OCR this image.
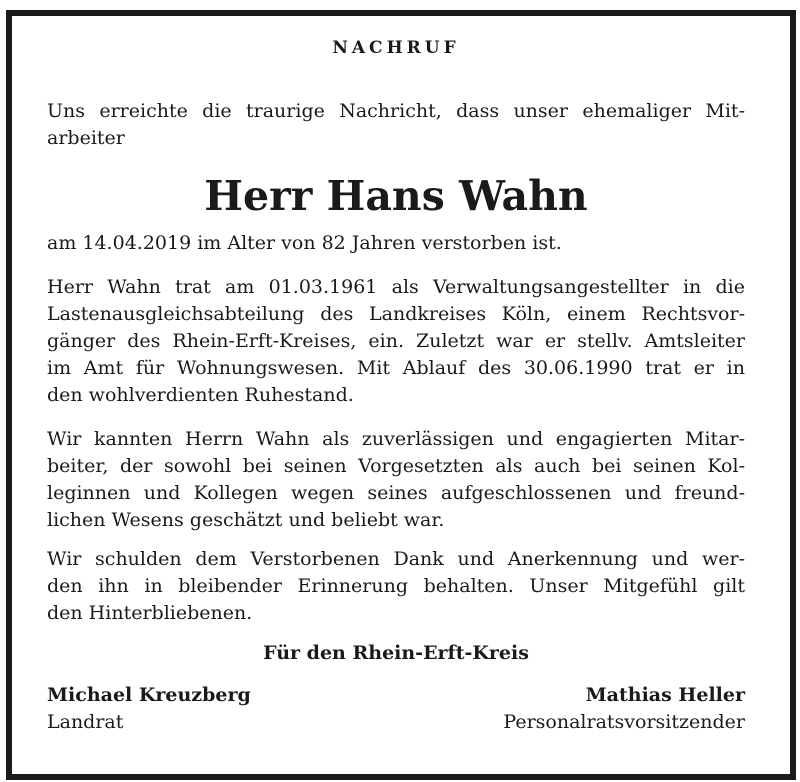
NACHRUF

Uns erreichte die traurige Nachricht, dass unser ehemaliger Mit-
arbeiter

Herr Hans Wahn

am 14.04.2019 im Alter von 82 Jahren verstorben ist.

Herr Wahn trat am 01.03.1961 als Verwaltungsangestellter in die
Lastenausgleichsabteilung des Landkreises Köln, einem Rechtsvor-
gänger des Rhein-Erft-Kreises, ein. Zuletzt war er stellv. Amtsleiter
im Amt für Wohnungswesen. Mit Ablauf des 30.06.1990 trat er in
den wohlverdienten Ruhestand.

Wir kannten Herrn Wahn als zuverlässigen und engagierten Mitar-
beiter, der sowohl bei seinen Vorgesetzten als auch bei seinen Kol-
leginnen und Kollegen wegen seines aufgeschlossenen und freund-
lichen Wesens geschätzt und beliebt war.

Wir schulden dem Verstorbenen Dank und Anerkennung und wer-
den ihn in bleibender Erinnerung behalten. Unser Mitgefühl gilt
den Hinterbliebenen.

Für den Rhein-Erft-Kreis
Michael Kreuzberg
Landrat
Mathias Heller
Personalratsvorsitzender
